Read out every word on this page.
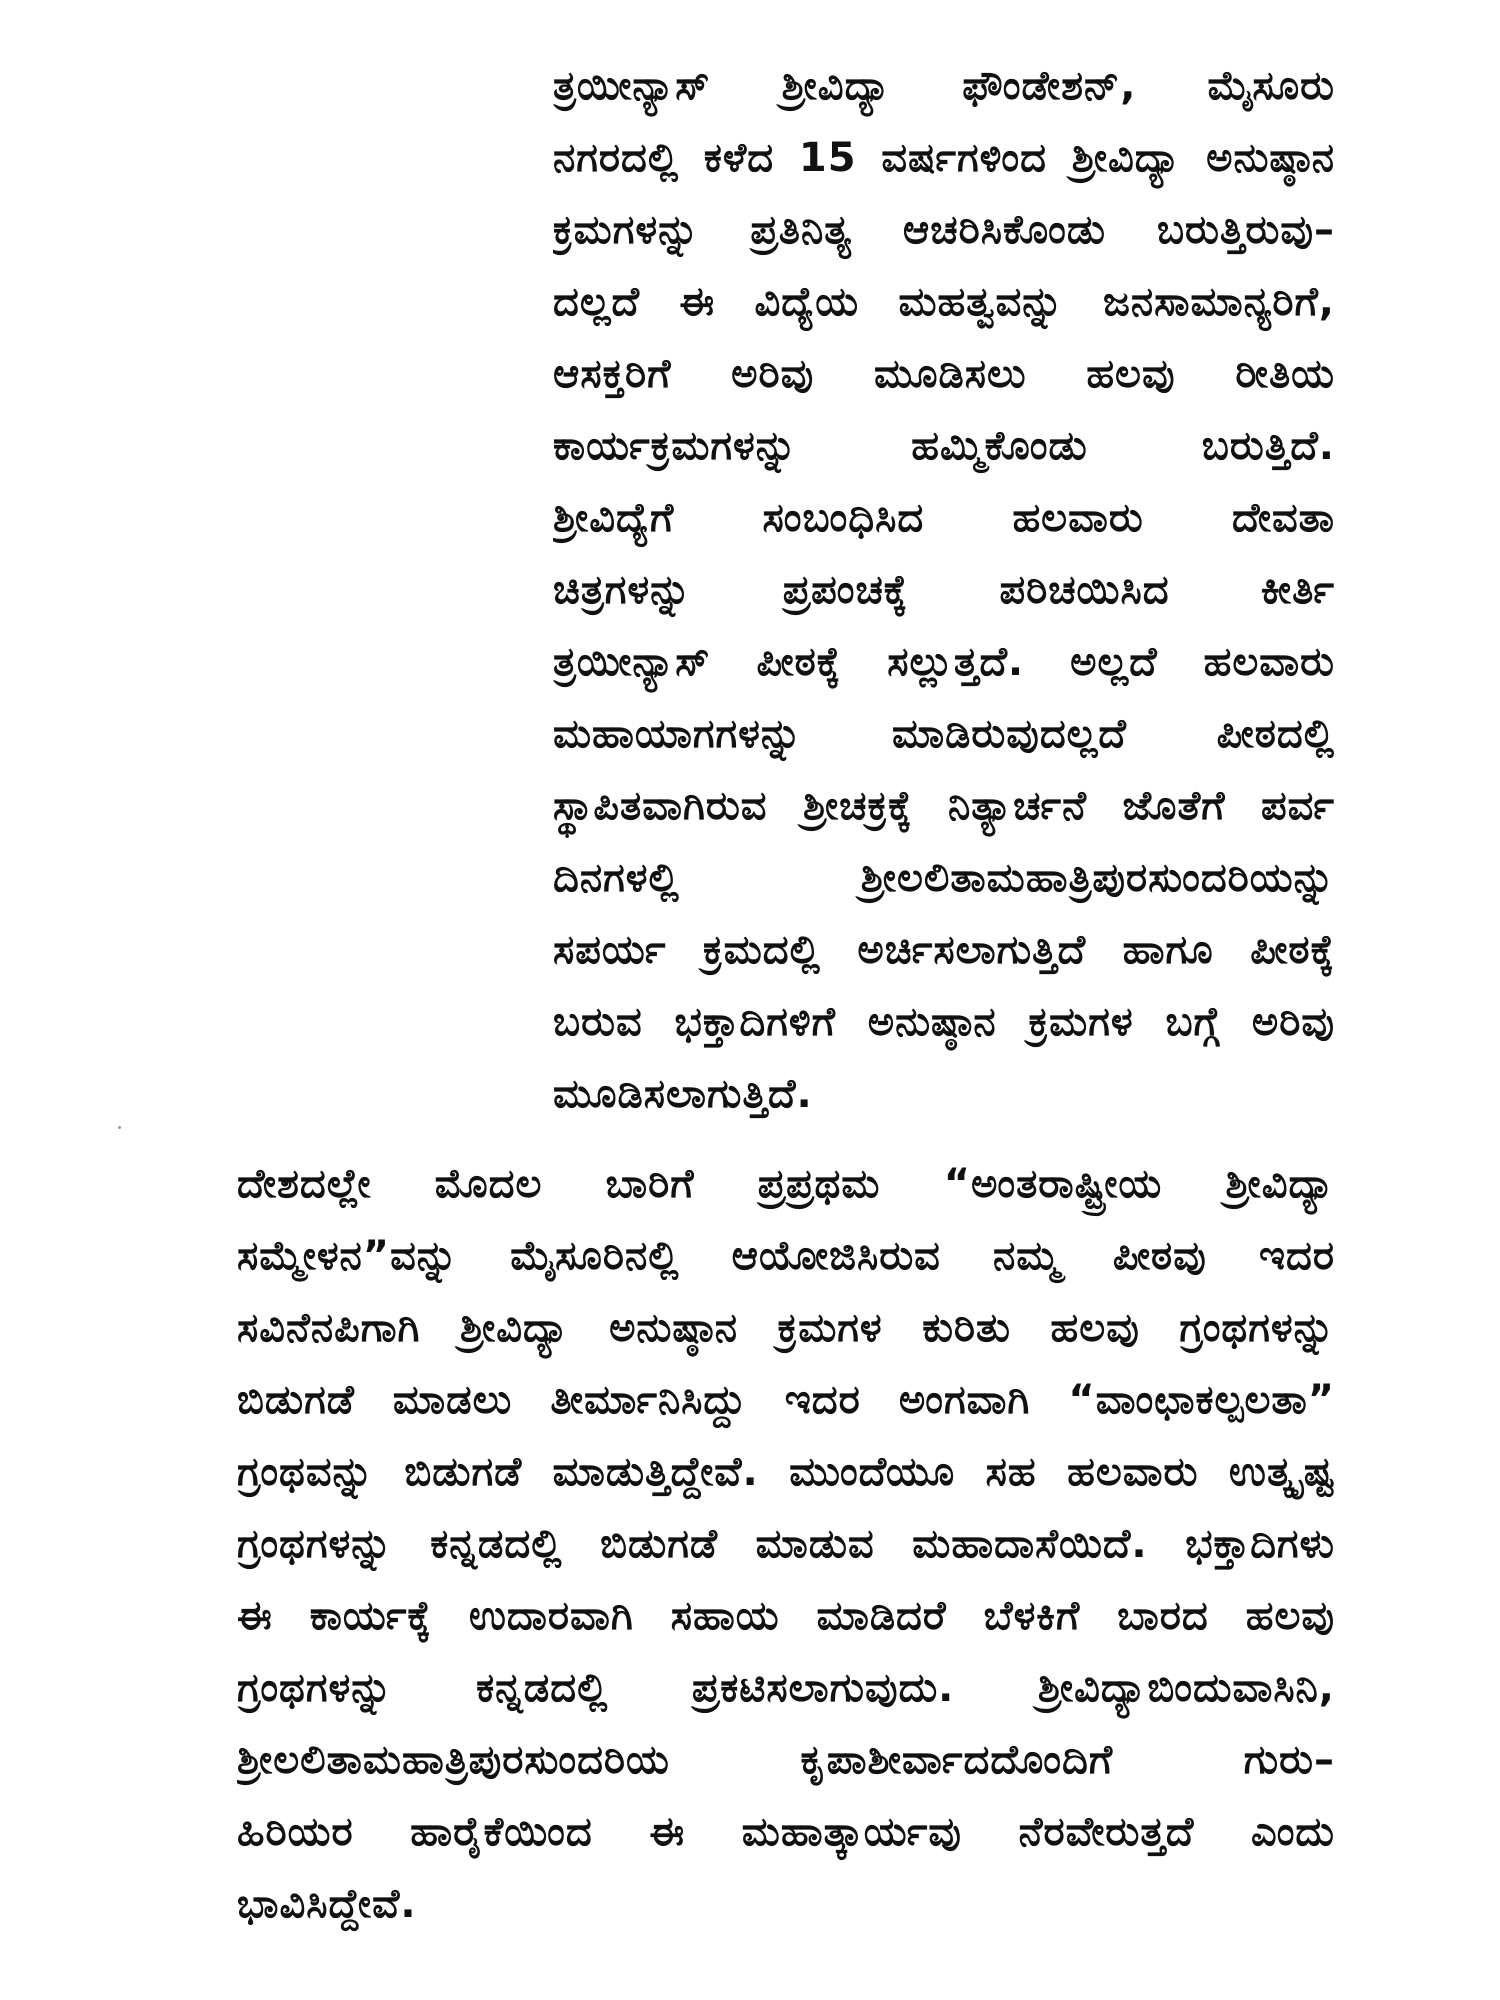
ತ್ರಯೀನ್ಯಾಸ್ ಶ್ರೀವಿದ್ಯಾ ಫೌಂಡೇಶನ್, ಮೈಸೂರು
ನಗರದಲ್ಲಿ ಕಳೆದ 15 ವರ್ಷಗಳಿಂದ ಶ್ರೀವಿದ್ಯಾ ಅನುಷ್ಠಾನ
ಕ್ರಮಗಳನ್ನು ಪ್ರತಿನಿತ್ಯ ಆಚರಿಸಿಕೊಂಡು ಬರುತ್ತಿರುವು–
ದಲ್ಲದೆ ಈ ವಿದ್ಯೆಯ ಮಹತ್ವವನ್ನು ಜನಸಾಮಾನ್ಯರಿಗೆ,
ಆಸಕ್ತರಿಗೆ ಅರಿವು ಮೂಡಿಸಲು ಹಲವು ರೀತಿಯ
ಕಾರ್ಯಕ್ರಮಗಳನ್ನು ಹಮ್ಮಿಕೊಂಡು ಬರುತ್ತಿದೆ.
ಶ್ರೀವಿದ್ಯೆಗೆ ಸಂಬಂಧಿಸಿದ ಹಲವಾರು ದೇವತಾ
ಚಿತ್ರಗಳನ್ನು ಪ್ರಪಂಚಕ್ಕೆ ಪರಿಚಯಿಸಿದ ಕೀರ್ತಿ
ತ್ರಯೀನ್ಯಾಸ್ ಪೀಠಕ್ಕೆ ಸಲ್ಲುತ್ತದೆ. ಅಲ್ಲದೆ ಹಲವಾರು
ಮಹಾಯಾಗಗಳನ್ನು ಮಾಡಿರುವುದಲ್ಲದೆ ಪೀಠದಲ್ಲಿ
ಸ್ಥಾಪಿತವಾಗಿರುವ ಶ್ರೀಚಕ್ರಕ್ಕೆ ನಿತ್ಯಾರ್ಚನೆ ಜೊತೆಗೆ ಪರ್ವ
ದಿನಗಳಲ್ಲಿ ಶ್ರೀಲಲಿತಾಮಹಾತ್ರಿಪುರಸುಂದರಿಯನ್ನು
ಸಪರ್ಯ ಕ್ರಮದಲ್ಲಿ ಅರ್ಚಿಸಲಾಗುತ್ತಿದೆ ಹಾಗೂ ಪೀಠಕ್ಕೆ
ಬರುವ ಭಕ್ತಾದಿಗಳಿಗೆ ಅನುಷ್ಠಾನ ಕ್ರಮಗಳ ಬಗ್ಗೆ ಅರಿವು
ಮೂಡಿಸಲಾಗುತ್ತಿದೆ.
ದೇಶದಲ್ಲೇ ಮೊದಲ ಬಾರಿಗೆ ಪ್ರಪ್ರಥಮ “ಅಂತರಾಷ್ಟ್ರೀಯ ಶ್ರೀವಿದ್ಯಾ
ಸಮ್ಮೇಳನ”ವನ್ನು ಮೈಸೂರಿನಲ್ಲಿ ಆಯೋಜಿಸಿರುವ ನಮ್ಮ ಪೀಠವು ಇದರ
ಸವಿನೆನಪಿಗಾಗಿ ಶ್ರೀವಿದ್ಯಾ ಅನುಷ್ಠಾನ ಕ್ರಮಗಳ ಕುರಿತು ಹಲವು ಗ್ರಂಥಗಳನ್ನು
ಬಿಡುಗಡೆ ಮಾಡಲು ತೀರ್ಮಾನಿಸಿದ್ದು ಇದರ ಅಂಗವಾಗಿ “ವಾಂಛಾಕಲ್ಪಲತಾ”
ಗ್ರಂಥವನ್ನು ಬಿಡುಗಡೆ ಮಾಡುತ್ತಿದ್ದೇವೆ. ಮುಂದೆಯೂ ಸಹ ಹಲವಾರು ಉತ್ಕೃಷ್ಟ
ಗ್ರಂಥಗಳನ್ನು ಕನ್ನಡದಲ್ಲಿ ಬಿಡುಗಡೆ ಮಾಡುವ ಮಹಾದಾಸೆಯಿದೆ. ಭಕ್ತಾದಿಗಳು
ಈ ಕಾರ್ಯಕ್ಕೆ ಉದಾರವಾಗಿ ಸಹಾಯ ಮಾಡಿದರೆ ಬೆಳಕಿಗೆ ಬಾರದ ಹಲವು
ಗ್ರಂಥಗಳನ್ನು ಕನ್ನಡದಲ್ಲಿ ಪ್ರಕಟಿಸಲಾಗುವುದು. ಶ್ರೀವಿದ್ಯಾಬಿಂದುವಾಸಿನಿ,
ಶ್ರೀಲಲಿತಾಮಹಾತ್ರಿಪುರಸುಂದರಿಯ ಕೃಪಾಶೀರ್ವಾದದೊಂದಿಗೆ ಗುರು–
ಹಿರಿಯರ ಹಾರೈಕೆಯಿಂದ ಈ ಮಹಾತ್ಕಾರ್ಯವು ನೆರವೇರುತ್ತದೆ ಎಂದು
ಭಾವಿಸಿದ್ದೇವೆ.
